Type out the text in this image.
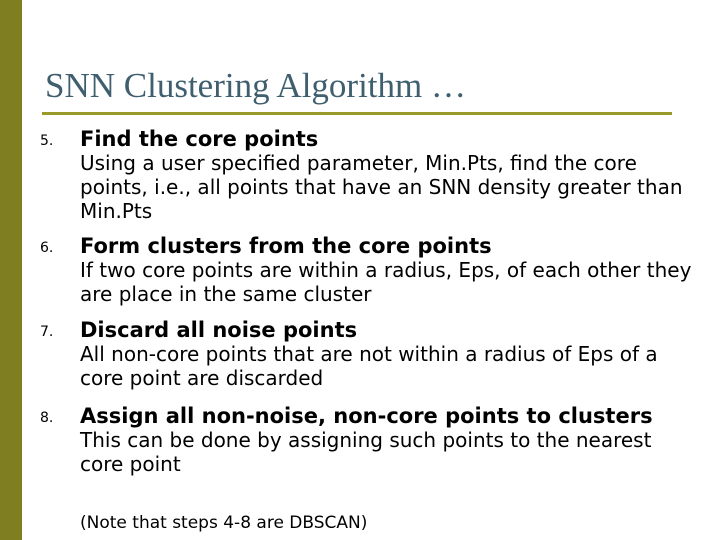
SNN Clustering Algorithm …
5. Find the core points
Using a user specified parameter, Min.Pts, find the core points, i.e., all points that have an SNN density greater than Min.Pts
6. Form clusters from the core points
If two core points are within a radius, Eps, of each other they are place in the same cluster
7. Discard all noise points
All non-core points that are not within a radius of Eps of a core point are discarded
8. Assign all non-noise, non-core points to clusters
This can be done by assigning such points to the nearest core point
(Note that steps 4-8 are DBSCAN)
